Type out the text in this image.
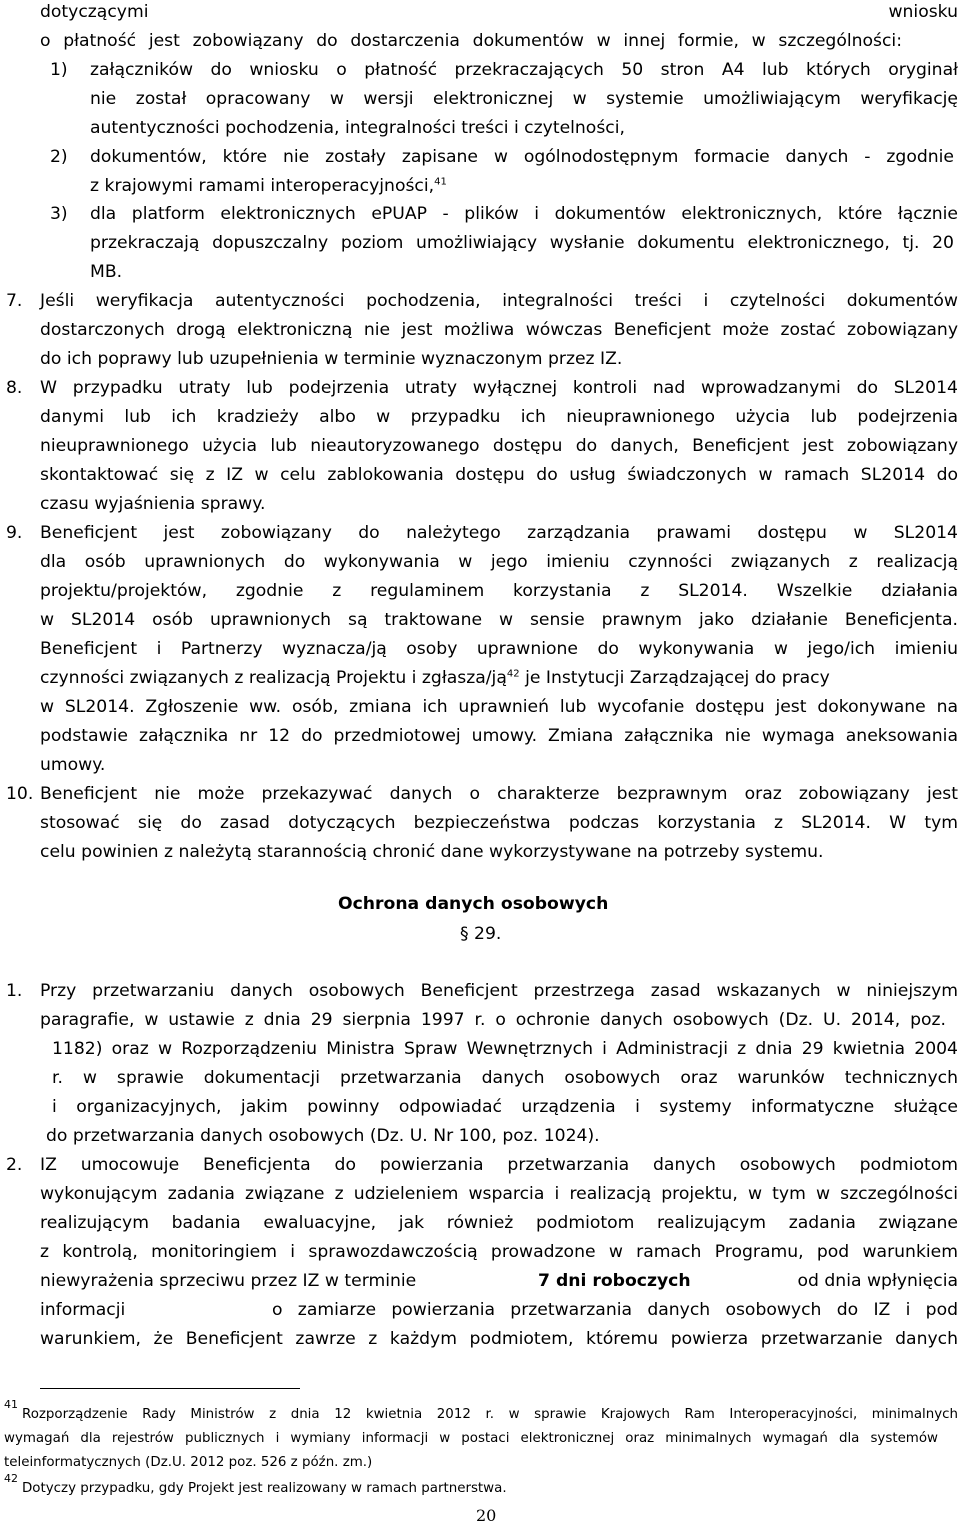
dotyczącymi	wniosku
o płatność jest zobowiązany do dostarczenia dokumentów w innej formie, w szczególności:
1) załączników do wniosku o płatność przekraczających 50 stron A4 lub których oryginał
nie został opracowany w wersji elektronicznej w systemie umożliwiającym weryfikację
autentyczności pochodzenia, integralności treści i czytelności,
2) dokumentów, które nie zostały zapisane w ogólnodostępnym formacie danych - zgodnie
z krajowymi ramami interoperacyjności,$^{41}$
3) dla platform elektronicznych ePUAP - plików i dokumentów elektronicznych, które łącznie
przekraczają dopuszczalny poziom umożliwiający wysłanie dokumentu elektronicznego, tj. 20
MB.
7. Jeśli weryfikacja autentyczności pochodzenia, integralności treści i czytelności dokumentów
dostarczonych drogą elektroniczną nie jest możliwa wówczas Beneficjent może zostać zobowiązany
do ich poprawy lub uzupełnienia w terminie wyznaczonym przez IZ.
8. W przypadku utraty lub podejrzenia utraty wyłącznej kontroli nad wprowadzanymi do SL2014
danymi lub ich kradzieży albo w przypadku ich nieuprawnionego użycia lub podejrzenia
nieuprawnionego użycia lub nieautoryzowanego dostępu do danych, Beneficjent jest zobowiązany
skontaktować się z IZ w celu zablokowania dostępu do usług świadczonych w ramach SL2014 do
czasu wyjaśnienia sprawy.
9. Beneficjent jest zobowiązany do należytego zarządzania prawami dostępu w SL2014
dla osób uprawnionych do wykonywania w jego imieniu czynności związanych z realizacją
projektu/projektów, zgodnie z regulaminem korzystania z SL2014. Wszelkie działania
w SL2014 osób uprawnionych są traktowane w sensie prawnym jako działanie Beneficjenta.
Beneficjent i Partnerzy wyznacza/ją osoby uprawnione do wykonywania w jego/ich imieniu
czynności związanych z realizacją Projektu i zgłasza/$ją^{42}$ je Instytucji Zarządzającej do pracy
w SL2014. Zgłoszenie ww. osób, zmiana ich uprawnień lub wycofanie dostępu jest dokonywane na
podstawie załącznika nr 12 do przedmiotowej umowy. Zmiana załącznika nie wymaga aneksowania
umowy.
10. Beneficjent nie może przekazywać danych o charakterze bezprawnym oraz zobowiązany jest
stosować się do zasad dotyczących bezpieczeństwa podczas korzystania z SL2014. W tym
celu powinien z należytą starannością chronić dane wykorzystywane na potrzeby systemu.
Ochrona danych osobowych
§ 29.
1. Przy przetwarzaniu danych osobowych Beneficjent przestrzega zasad wskazanych w niniejszym
paragrafie, w ustawie z dnia 29 sierpnia 1997 r. o ochronie danych osobowych (Dz. U. 2014, poz.
1182) oraz w Rozporządzeniu Ministra Spraw Wewnętrznych i Administracji z dnia 29 kwietnia 2004
r. w sprawie dokumentacji przetwarzania danych osobowych oraz warunków technicznych
i organizacyjnych, jakim powinny odpowiadać urządzenia i systemy informatyczne służące
do przetwarzania danych osobowych (Dz. U. Nr 100, poz. 1024).
2. IZ umocowuje Beneficjenta do powierzania przetwarzania danych osobowych podmiotom
wykonującym zadania związane z udzieleniem wsparcia i realizacją projektu, w tym w szczególności
realizującym badania ewaluacyjne, jak również podmiotom realizującym zadania związane
z kontrolą, monitoringiem i sprawozdawczością prowadzone w ramach Programu, pod warunkiem
niewyrażenia sprzeciwu przez IZ w terminie	7 dni roboczych	od dnia wpłynięcia
informacji	o zamiarze powierzania przetwarzania danych osobowych do IZ i pod
warunkiem, że Beneficjent zawrze z każdym podmiotem, któremu powierza przetwarzanie danych
41
Rozporządzenie Rady Ministrów z dnia 12 kwietnia 2012 r. w sprawie Krajowych Ram Interoperacyjności, minimalnych
wymagań dla rejestrów publicznych i wymiany informacji w postaci elektronicznej oraz minimalnych wymagań dla systemów
teleinformatycznych (Dz.U. 2012 poz. 526 z późn. zm.)
42
Dotyczy przypadku, gdy Projekt jest realizowany w ramach partnerstwa.
20
